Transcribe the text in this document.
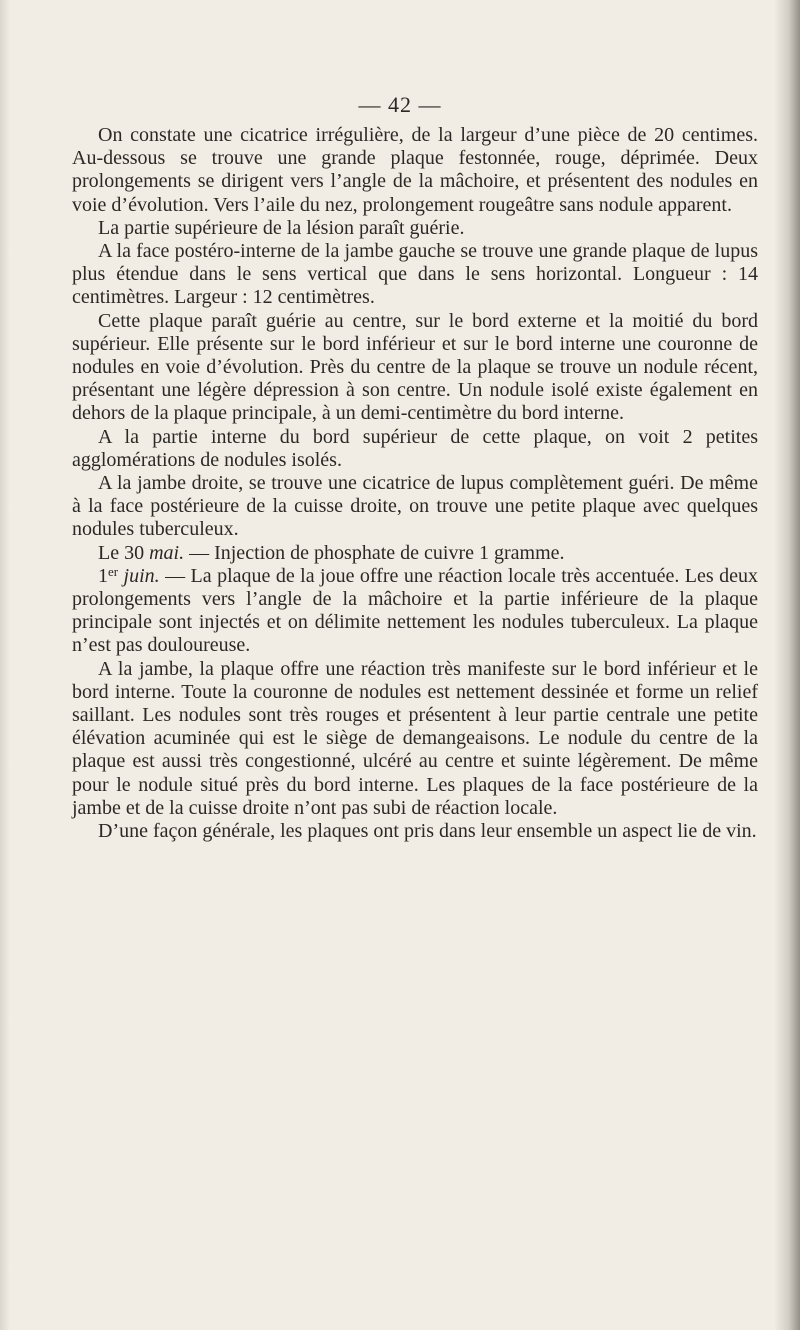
— 42 —

On constate une cicatrice irrégulière, de la largeur d’une pièce de 20 centimes. Au-dessous se trouve une grande plaque festonnée, rouge, déprimée. Deux prolongements se dirigent vers l’angle de la mâchoire, et présentent des nodules en voie d’évolution. Vers l’aile du nez, prolongement rougeâtre sans nodule apparent.

La partie supérieure de la lésion paraît guérie.

A la face postéro-interne de la jambe gauche se trouve une grande plaque de lupus plus étendue dans le sens vertical que dans le sens horizontal. Longueur : 14 centimètres. Largeur : 12 centimètres.

Cette plaque paraît guérie au centre, sur le bord externe et la moitié du bord supérieur. Elle présente sur le bord inférieur et sur le bord interne une couronne de nodules en voie d’évolution. Près du centre de la plaque se trouve un nodule récent, présentant une légère dépression à son centre. Un nodule isolé existe également en dehors de la plaque principale, à un demi-centimètre du bord interne.

A la partie interne du bord supérieur de cette plaque, on voit 2 petites agglomérations de nodules isolés.

A la jambe droite, se trouve une cicatrice de lupus complètement guéri. De même à la face postérieure de la cuisse droite, on trouve une petite plaque avec quelques nodules tuberculeux.

Le 30 mai. — Injection de phosphate de cuivre 1 gramme.

1er juin. — La plaque de la joue offre une réaction locale très accentuée. Les deux prolongements vers l’angle de la mâchoire et la partie inférieure de la plaque principale sont injectés et on délimite nettement les nodules tuberculeux. La plaque n’est pas douloureuse.

A la jambe, la plaque offre une réaction très manifeste sur le bord inférieur et le bord interne. Toute la couronne de nodules est nettement dessinée et forme un relief saillant. Les nodules sont très rouges et présentent à leur partie centrale une petite élévation acuminée qui est le siège de demangeaisons. Le nodule du centre de la plaque est aussi très congestionné, ulcéré au centre et suinte légèrement. De même pour le nodule situé près du bord interne. Les plaques de la face postérieure de la jambe et de la cuisse droite n’ont pas subi de réaction locale.

D’une façon générale, les plaques ont pris dans leur ensemble un aspect lie de vin.
